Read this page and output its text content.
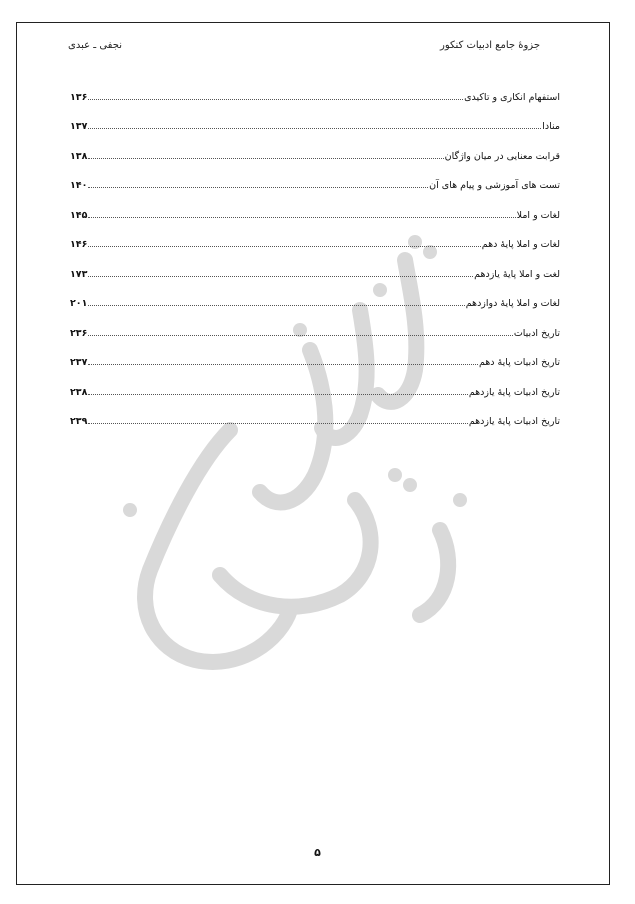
جزوهٔ جامع ادبیات کنکور
نجفی ـ عبدی
استفهام انکاری و تاکیدی
۱۳۶
منادا
۱۳۷
قرابت معنایی در میان واژگان
۱۳۸
تست های آموزشی و پیام های آن
۱۴۰
لغات و املا
۱۴۵
لغات و املا پایهٔ دهم
۱۴۶
لغت و املا پایهٔ یازدهم
۱۷۳
لغات و املا پایهٔ دوازدهم
۲۰۱
تاریخ ادبیات
۲۳۶
تاریخ ادبیات پایهٔ دهم
۲۳۷
تاریخ ادبیات پایهٔ یازدهم
۲۳۸
تاریخ ادبیات پایهٔ یازدهم
۲۳۹
۵
